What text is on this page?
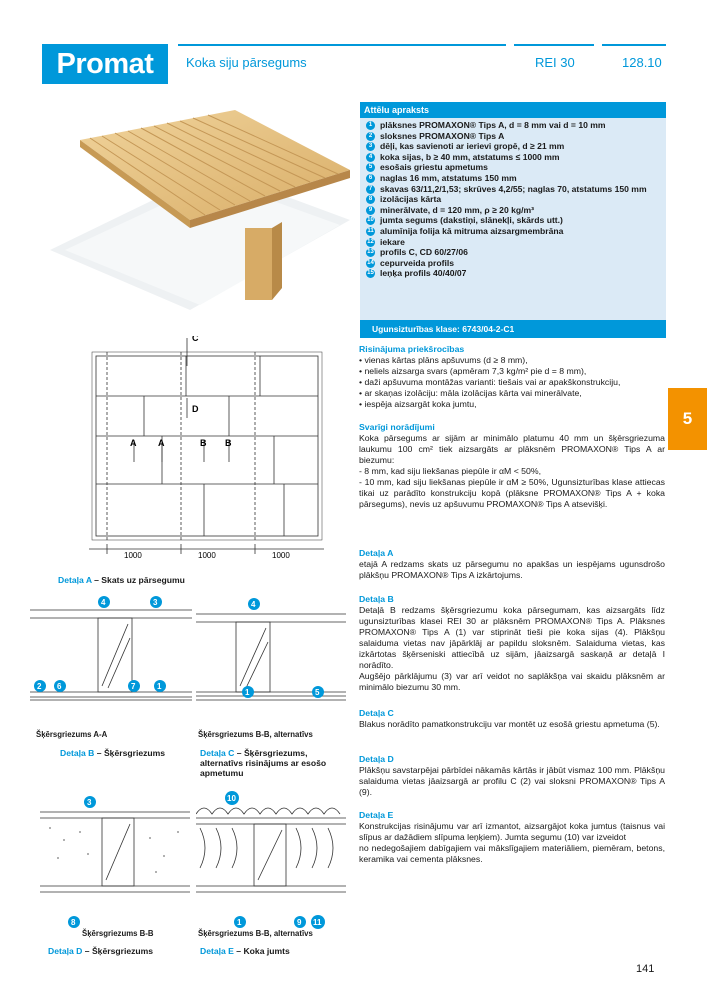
Promat	Koka siju pārsegums	REI 30	128.10
5
Attēlu apraksts
1 plāksnes PROMAXON® Tips A, d = 8 mm vai d = 10 mm
2 sloksnes PROMAXON® Tips A
3 dēļi, kas savienoti ar ierievi gropē, d ≥ 21 mm
4 koka sijas, b ≥ 40 mm, atstatums ≤ 1000 mm
5 esošais griestu apmetums
6 naglas 16 mm, atstatums 150 mm
7 skavas 63/11,2/1,53; skrūves 4,2/55; naglas 70, atstatums 150 mm
8 izolācijas kārta
9 minerālvate, d = 120 mm, ρ ≥ 20 kg/m³
10 jumta segums (dakstiņi, slānekļi, skārds utt.)
11 alumīnija folija kā mitruma aizsargmembrāna
12 iekare
13 profils C, CD 60/27/06
14 cepurveida profils
15 leņķa profils 40/40/07
Ugunsizturības klase: 6743/04-2-C1
Risinājuma priekšrocības
• vienas kārtas plāns apšuvums (d ≥ 8 mm),
• neliels aizsarga svars (apmēram 7,3 kg/m² pie d = 8 mm),
• daži apšuvuma montāžas varianti: tiešais vai ar apakškonstrukciju,
• ar skaņas izolāciju: māla izolācijas kārta vai minerālvate,
• iespēja aizsargāt koka jumtu,
Svarīgi norādījumi

Koka pārsegums ar sijām ar minimālo platumu 40 mm un šķērsgriezuma laukumu 100 cm² tiek aizsargāts ar plāksnēm PROMAXON® Tips A ar biezumu:

- 8 mm, kad siju liekšanas piepūle ir αM < 50%,

- 10 mm, kad siju liekšanas piepūle ir αM ≥ 50%, Ugunsizturības klase attiecas tikai uz parādīto konstrukciju kopā (plāksne PROMAXON® Tips A + koka pārsegums), nevis uz apšuvumu PROMAXON® Tips A atsevišķi.

Detaļa A

etajā A redzams skats uz pārsegumu no apakšas un iespējams ugunsdrošo plākšņu PROMAXON® Tips A izkārtojums.

Detaļa B

Detaļā B redzams šķērsgriezumu koka pārsegumam, kas aizsargāts līdz ugunsizturības klasei REI 30 ar plāksnēm PROMAXON® Tips A. Plāksnes PROMAXON® Tips A (1) var stiprināt tieši pie koka sijas (4). Plākšņu salaiduma vietas nav jāpārklāj ar papildu sloksnēm. Salaiduma vietas, kas izkārtotas šķērseniski attiecībā uz sijām, jāaizsargā saskaņā ar detaļā I norādīto.

Augšējo pārklājumu (3) var arī veidot no saplākšņa vai skaidu plāksnēm ar minimālo biezumu 30 mm.

Detaļa C

Blakus norādīto pamatkonstrukciju var montēt uz esošā griestu apmetuma (5).

Detaļa D

Plākšņu savstarpējai pārbīdei nākamās kārtās ir jābūt vismaz 100 mm. Plākšņu salaiduma vietas jāaizsargā ar profilu C (2) vai sloksni PROMAXON® Tips A (9).

Detaļa E

Konstrukcijas risinājumu var arī izmantot, aizsargājot koka jumtus (taisnus vai slīpus ar dažādiem slīpuma leņķiem). Jumta segumu (10) var izveidot

no nedegošajiem dabīgajiem vai mākslīgajiem materiāliem, piemēram, betons, keramika vai cementa plāksnes.

C
D
A A	B B
1000	1000	1000
Detaļa A – Skats uz pārsegumu
4	3
2 6	7	1
Šķērsgriezums A-A
Detaļa B – Šķērsgriezums
4
1	5
Šķērsgriezums B-B, alternatīvs
Detaļa C – Šķērsgriezums, alternatīvs risinājums ar esošo apmetumu
3
8
Šķērsgriezums B-B
Detaļa D – Šķērsgriezums
10
1	9 11
Šķērsgriezums B-B, alternatīvs
Detaļa E – Koka jumts
141
